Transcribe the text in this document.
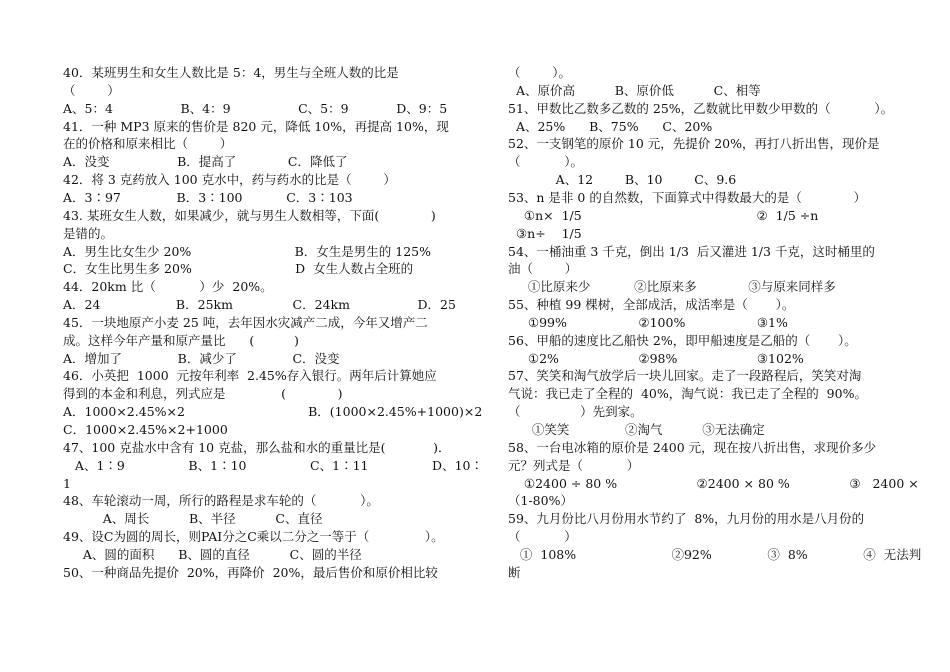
40．某班男生和女生人数比是 5：4，男生与全班人数的比是
（        ）
A、5：4                 B、4：9                 C、5：9            D、9：5
41．一种 MP3 原来的售价是 820 元，降低 10%，再提高 10%，现
在的价格和原来相比（        ）
A．没变                 B．提高了             C．降低了
42．将 3 克药放入 100 克水中，药与药水的比是（        ）
A．3∶97              B．3∶100           C．3∶103
43. 某班女生人数，如果减少，就与男生人数相等，下面(             )
是错的。
A．男生比女生少 20%                          B．女生是男生的 125%
C．女生比男生多 20%                          D  女生人数占全班的
44．20km 比（           ）少  20%。
A．24                   B．25km               C．24km                 D．25
45．一块地原产小麦 25 吨，去年因水灾减产二成，今年又增产二
成。这样今年产量和原产量比      (          )
A．增加了              B．减少了              C．没变
46．小英把  1000  元按年利率  2.45%存入银行。两年后计算她应
得到的本金和利息，列式应是              (             )
A．1000×2.45%×2                               B．(1000×2.45%+1000)×2
C．1000×2.45%×2+1000
47、100 克盐水中含有 10 克盐，那么盐和水的重量比是(            )．
A、1∶9                B、1∶10                C、1∶11                D、10∶
1
48、车轮滚动一周，所行的路程是求车轮的（           ）。
A、周长          B、半径          C、直径
49、设C为圆的周长，则PAI分之C乘以二分之一等于（              ）。
A、圆的面积      B、圆的直径          C、圆的半径
50、一种商品先提价  20%，再降价  20%，最后售价和原价相比较
（        ）。
A、原价高          B、原价低          C、相等
51、甲数比乙数多乙数的 25%，乙数就比甲数少甲数的（           ）。
A、25%      B、75%      C、20%
52、一支钢笔的原价 10 元，先提价 20%，再打八折出售，现价是
（           ）。
A、12        B、10        C、9.6
53、n 是非 0 的自然数，下面算式中得数最大的是（             ）
①n×  1/5                                            ②  1/5 ÷n
③n÷    1/5
54、一桶油重 3 千克，倒出 1/3  后又灌进 1/3 千克，这时桶里的
油（        ）
①比原来少           ②比原来多             ③与原来同样多
55、种植 99 棵树，全部成活，成活率是（       ）。
①99%                  ②100%                  ③1%
56、甲船的速度比乙船快 2%，即甲船速度是乙船的（       ）。
①2%                    ②98%                    ③102%
57、笑笑和淘气放学后一块儿回家。走了一段路程后，笑笑对淘
气说：我已走了全程的  40%，淘气说：我已走了全程的  90%。
（               ）先到家。
①笑笑              ②淘气          ③无法确定
58、一台电冰箱的原价是 2400 元，现在按八折出售，求现价多少
元？列式是（           ）
①2400 ÷ 80 %                    ②2400 × 80 %               ③   2400 ×
（1-80%）
59、九月份比八月份用水节约了  8%，九月份的用水是八月份的
（           ）
①  108%                        ②92%              ③  8%              ④  无法判
断
